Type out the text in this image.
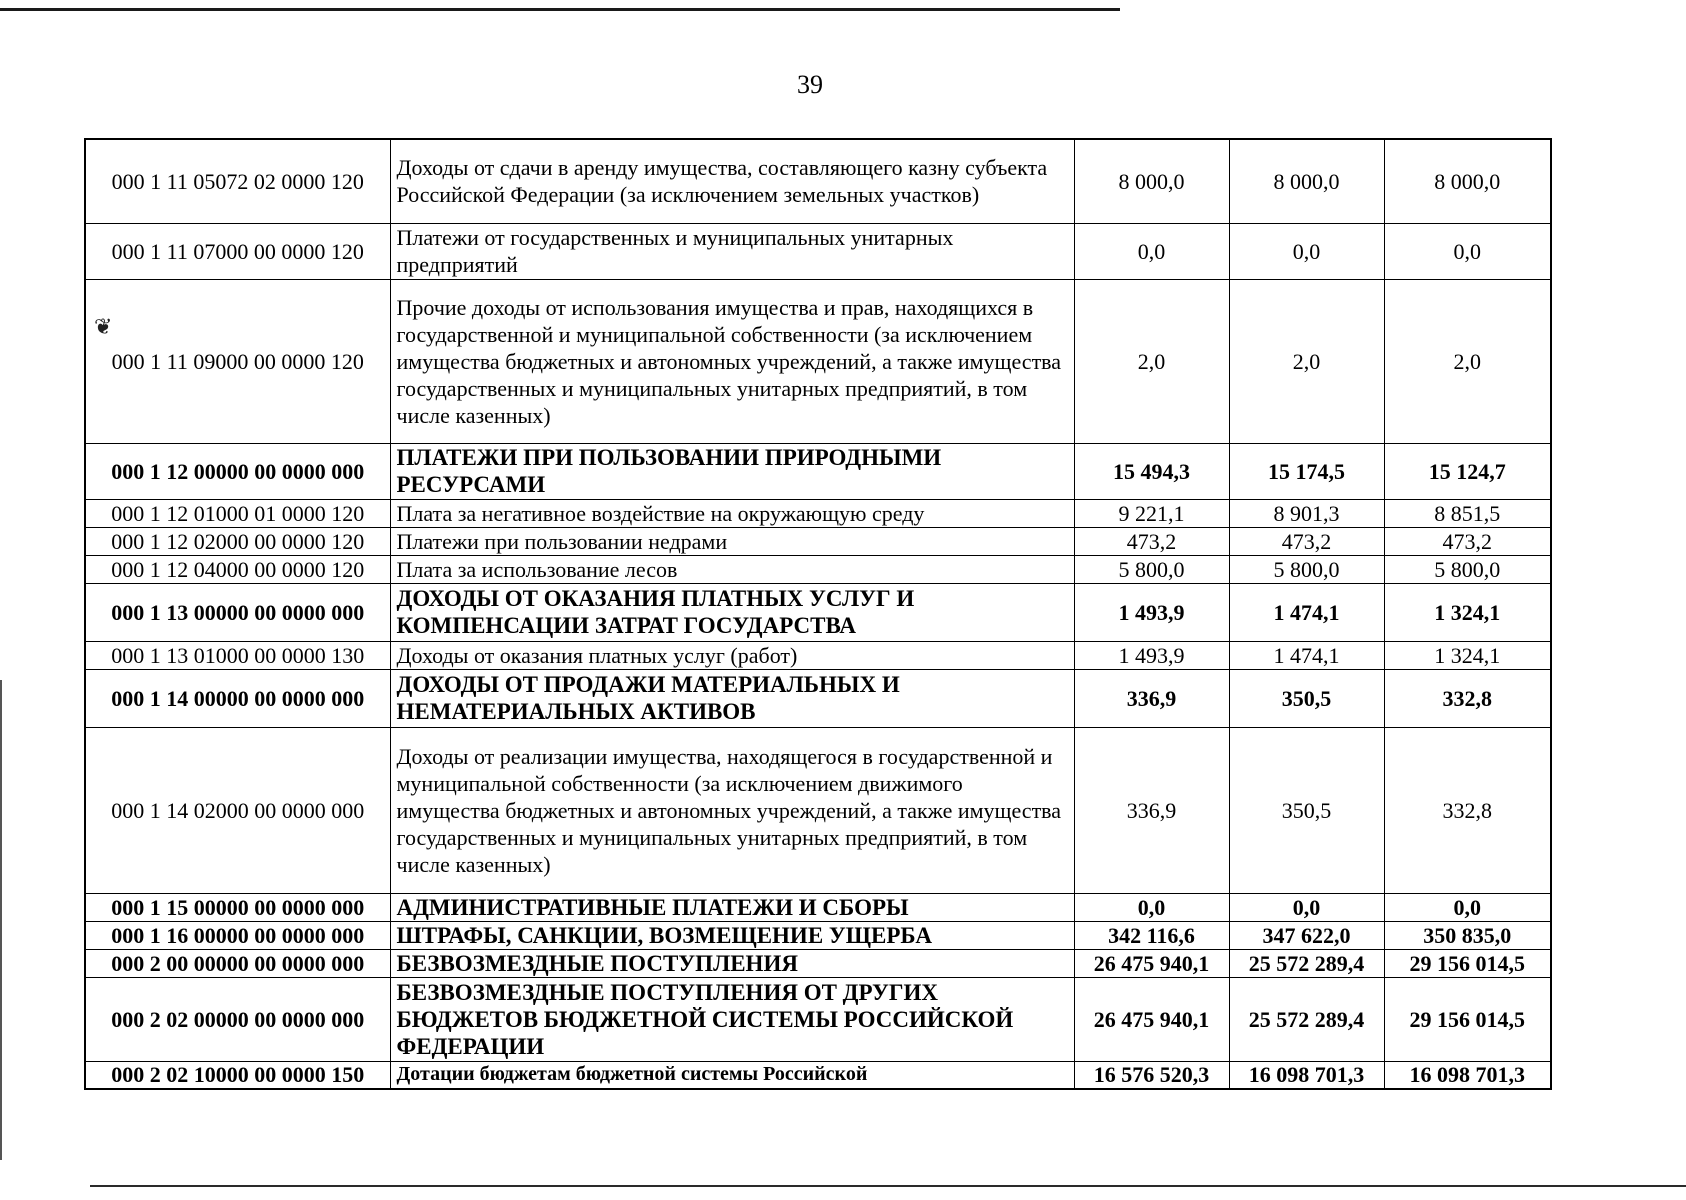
39
❦
000 1 11 05072 02 0000 120	Доходы от сдачи в аренду имущества, составляющего казну субъекта Российской Федерации (за исключением земельных участков)	8 000,0	8 000,0	8 000,0
000 1 11 07000 00 0000 120	Платежи от государственных и муниципальных унитарных предприятий	0,0	0,0	0,0
000 1 11 09000 00 0000 120	Прочие доходы от использования имущества и прав, находящихся в государственной и муниципальной собственности (за исключением имущества бюджетных и автономных учреждений, а также имущества государственных и муниципальных унитарных предприятий, в том числе казенных)	2,0	2,0	2,0
000 1 12 00000 00 0000 000	ПЛАТЕЖИ ПРИ ПОЛЬЗОВАНИИ ПРИРОДНЫМИ РЕСУРСАМИ	15 494,3	15 174,5	15 124,7
000 1 12 01000 01 0000 120	Плата за негативное воздействие на окружающую среду	9 221,1	8 901,3	8 851,5
000 1 12 02000 00 0000 120	Платежи при пользовании недрами	473,2	473,2	473,2
000 1 12 04000 00 0000 120	Плата за использование лесов	5 800,0	5 800,0	5 800,0
000 1 13 00000 00 0000 000	ДОХОДЫ ОТ ОКАЗАНИЯ ПЛАТНЫХ УСЛУГ И КОМПЕНСАЦИИ ЗАТРАТ ГОСУДАРСТВА	1 493,9	1 474,1	1 324,1
000 1 13 01000 00 0000 130	Доходы от оказания платных услуг (работ)	1 493,9	1 474,1	1 324,1
000 1 14 00000 00 0000 000	ДОХОДЫ ОТ ПРОДАЖИ МАТЕРИАЛЬНЫХ И НЕМАТЕРИАЛЬНЫХ АКТИВОВ	336,9	350,5	332,8
000 1 14 02000 00 0000 000	Доходы от реализации имущества, находящегося в государственной и муниципальной собственности (за исключением движимого имущества бюджетных и автономных учреждений, а также имущества государственных и муниципальных унитарных предприятий, в том числе казенных)	336,9	350,5	332,8
000 1 15 00000 00 0000 000	АДМИНИСТРАТИВНЫЕ ПЛАТЕЖИ И СБОРЫ	0,0	0,0	0,0
000 1 16 00000 00 0000 000	ШТРАФЫ, САНКЦИИ, ВОЗМЕЩЕНИЕ УЩЕРБА	342 116,6	347 622,0	350 835,0
000 2 00 00000 00 0000 000	БЕЗВОЗМЕЗДНЫЕ ПОСТУПЛЕНИЯ	26 475 940,1	25 572 289,4	29 156 014,5
000 2 02 00000 00 0000 000	БЕЗВОЗМЕЗДНЫЕ ПОСТУПЛЕНИЯ ОТ ДРУГИХ БЮДЖЕТОВ БЮДЖЕТНОЙ СИСТЕМЫ РОССИЙСКОЙ ФЕДЕРАЦИИ	26 475 940,1	25 572 289,4	29 156 014,5
000 2 02 10000 00 0000 150	Дотации бюджетам бюджетной системы Российской	16 576 520,3	16 098 701,3	16 098 701,3
